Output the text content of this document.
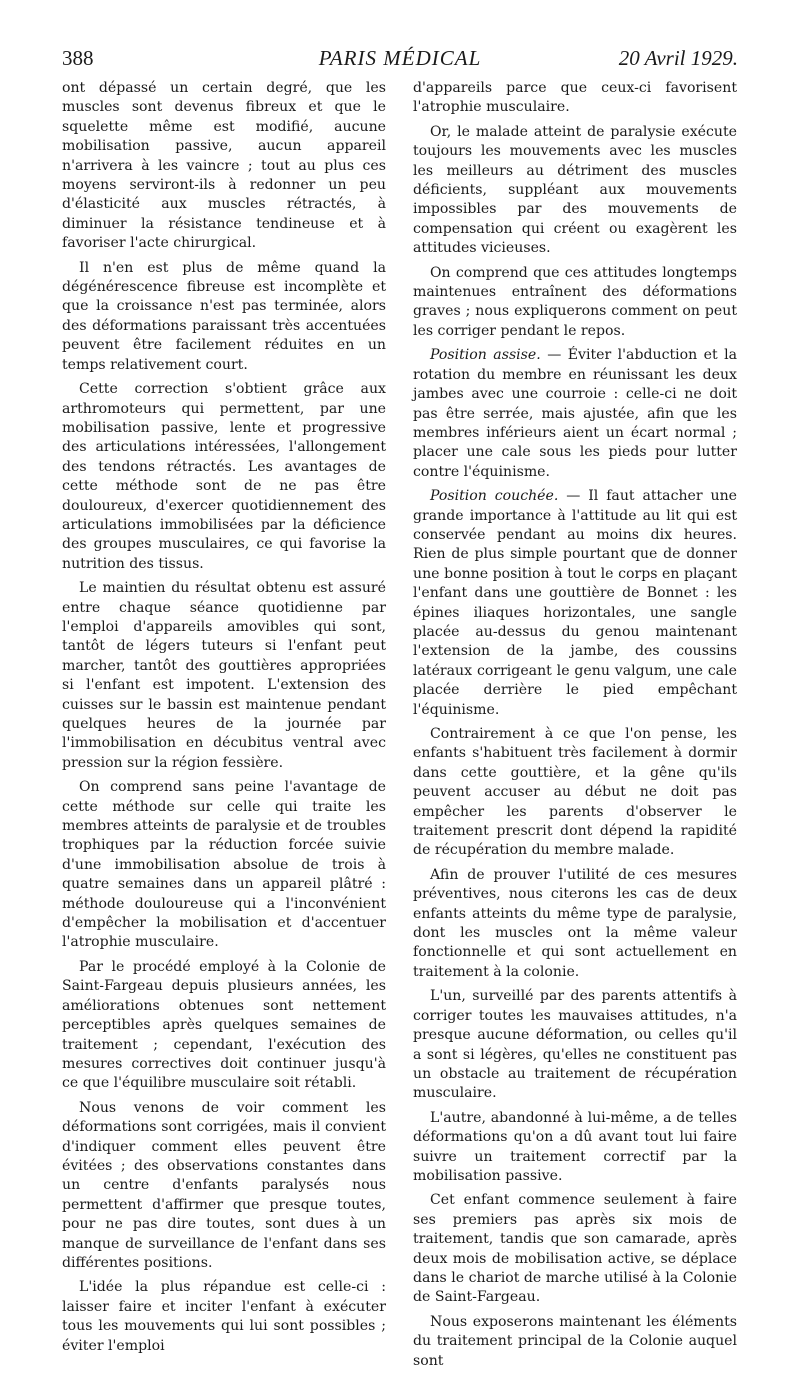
388	PARIS MÉDICAL	20 Avril 1929.

ont dépassé un certain degré, que les muscles sont devenus fibreux et que le squelette même est modifié, aucune mobilisation passive, aucun appareil n'arrivera à les vaincre ; tout au plus ces moyens serviront-ils à redonner un peu d'élasticité aux muscles rétractés, à diminuer la résistance tendineuse et à favoriser l'acte chirurgical.

Il n'en est plus de même quand la dégénérescence fibreuse est incomplète et que la croissance n'est pas terminée, alors des déformations paraissant très accentuées peuvent être facilement réduites en un temps relativement court.

Cette correction s'obtient grâce aux arthromoteurs qui permettent, par une mobilisation passive, lente et progressive des articulations intéressées, l'allongement des tendons rétractés. Les avantages de cette méthode sont de ne pas être douloureux, d'exercer quotidiennement des articulations immobilisées par la déficience des groupes musculaires, ce qui favorise la nutrition des tissus.

Le maintien du résultat obtenu est assuré entre chaque séance quotidienne par l'emploi d'appareils amovibles qui sont, tantôt de légers tuteurs si l'enfant peut marcher, tantôt des gouttières appropriées si l'enfant est impotent. L'extension des cuisses sur le bassin est maintenue pendant quelques heures de la journée par l'immobilisation en décubitus ventral avec pression sur la région fessière.

On comprend sans peine l'avantage de cette méthode sur celle qui traite les membres atteints de paralysie et de troubles trophiques par la réduction forcée suivie d'une immobilisation absolue de trois à quatre semaines dans un appareil plâtré : méthode douloureuse qui a l'inconvénient d'empêcher la mobilisation et d'accentuer l'atrophie musculaire.

Par le procédé employé à la Colonie de Saint-Fargeau depuis plusieurs années, les améliorations obtenues sont nettement perceptibles après quelques semaines de traitement ; cependant, l'exécution des mesures correctives doit continuer jusqu'à ce que l'équilibre musculaire soit rétabli.

Nous venons de voir comment les déformations sont corrigées, mais il convient d'indiquer comment elles peuvent être évitées ; des observations constantes dans un centre d'enfants paralysés nous permettent d'affirmer que presque toutes, pour ne pas dire toutes, sont dues à un manque de surveillance de l'enfant dans ses différentes positions.

L'idée la plus répandue est celle-ci : laisser faire et inciter l'enfant à exécuter tous les mouvements qui lui sont possibles ; éviter l'emploi

d'appareils parce que ceux-ci favorisent l'atrophie musculaire.

Or, le malade atteint de paralysie exécute toujours les mouvements avec les muscles les meilleurs au détriment des muscles déficients, suppléant aux mouvements impossibles par des mouvements de compensation qui créent ou exagèrent les attitudes vicieuses.

On comprend que ces attitudes longtemps maintenues entraînent des déformations graves ; nous expliquerons comment on peut les corriger pendant le repos.

Position assise. — Éviter l'abduction et la rotation du membre en réunissant les deux jambes avec une courroie : celle-ci ne doit pas être serrée, mais ajustée, afin que les membres inférieurs aient un écart normal ; placer une cale sous les pieds pour lutter contre l'équinisme.

Position couchée. — Il faut attacher une grande importance à l'attitude au lit qui est conservée pendant au moins dix heures. Rien de plus simple pourtant que de donner une bonne position à tout le corps en plaçant l'enfant dans une gouttière de Bonnet : les épines iliaques horizontales, une sangle placée au-dessus du genou maintenant l'extension de la jambe, des coussins latéraux corrigeant le genu valgum, une cale placée derrière le pied empêchant l'équinisme.

Contrairement à ce que l'on pense, les enfants s'habituent très facilement à dormir dans cette gouttière, et la gêne qu'ils peuvent accuser au début ne doit pas empêcher les parents d'observer le traitement prescrit dont dépend la rapidité de récupération du membre malade.

Afin de prouver l'utilité de ces mesures préventives, nous citerons les cas de deux enfants atteints du même type de paralysie, dont les muscles ont la même valeur fonctionnelle et qui sont actuellement en traitement à la colonie.

L'un, surveillé par des parents attentifs à corriger toutes les mauvaises attitudes, n'a presque aucune déformation, ou celles qu'il a sont si légères, qu'elles ne constituent pas un obstacle au traitement de récupération musculaire.

L'autre, abandonné à lui-même, a de telles déformations qu'on a dû avant tout lui faire suivre un traitement correctif par la mobilisation passive.

Cet enfant commence seulement à faire ses premiers pas après six mois de traitement, tandis que son camarade, après deux mois de mobilisation active, se déplace dans le chariot de marche utilisé à la Colonie de Saint-Fargeau.

Nous exposerons maintenant les éléments du traitement principal de la Colonie auquel sont
